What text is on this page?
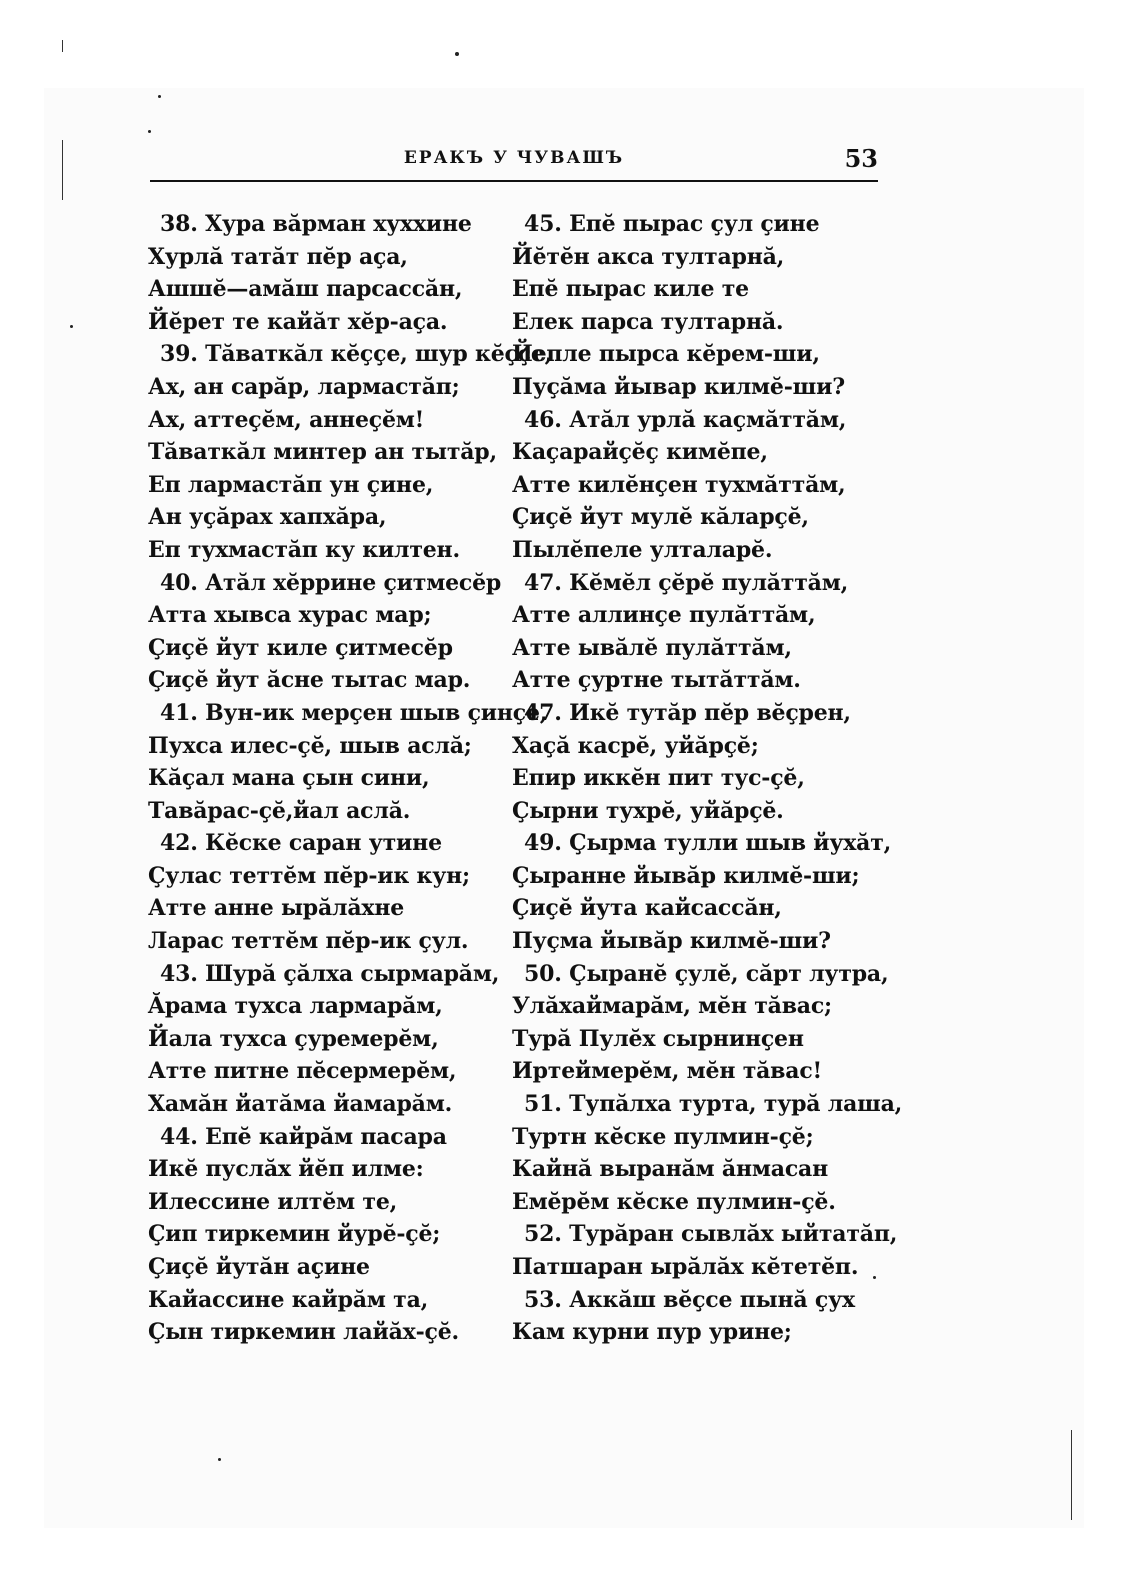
ЕРАКЪ У ЧУВАШЪ	53
38. Хура вăрман хуххине
Хурлă татăт пĕр аҫа,
Ашшĕ—амăш парсассăн,
Йĕрет те кайăт хĕр-аҫа.
39. Тăваткăл кĕҫҫе, шур кĕҫҫе,
Ах, ан сарăр, лармастăп;
Ах, аттеҫĕм, аннеҫĕм!
Тăваткăл минтер ан тытăр,
Еп лармастăп ун ҫине,
Ан уҫăрах хапхăра,
Еп тухмастăп ку килтен.
40. Атăл хĕррине ҫитмесĕр
Атта хывса хурас мар;
Ҫиҫĕ йут киле ҫитмесĕр
Ҫиҫĕ йут ăсне тытас мар.
41. Вун-ик мерҫен шыв ҫинҫе,
Пухса илес-ҫĕ, шыв аслă;
Кăҫал мана ҫын сини,
Тавăрас-ҫĕ,йал аслă.
42. Кĕске саран утине
Ҫулас теттĕм пĕр-ик кун;
Атте анне ырăлăхне
Ларас теттĕм пĕр-ик ҫул.
43. Шурă ҫăлха сырмарăм,
Ăрама тухса лармарăм,
Йала тухса ҫуремерĕм,
Атте питне пĕсермерĕм,
Хамăн йатăма йамарăм.
44. Епĕ кайрăм пасара
Икĕ пуслăх йĕп илме:
Илессине илтĕм те,
Ҫип тиркемин йурĕ-ҫĕ;
Ҫиҫĕ йутăн аҫине
Кайассине кайрăм та,
Ҫын тиркемин лайăх-ҫĕ.
45. Епĕ пырас ҫул ҫине
Йĕтĕн акса тултарнă,
Епĕ пырас киле те
Елек парса тултарнă.
Йепле пырса кĕрем-ши,
Пуҫăма йывар килмĕ-ши?
46. Атăл урлă каҫмăттăм,
Каҫарайҫĕҫ кимĕпе,
Атте килĕнҫен тухмăттăм,
Ҫиҫĕ йут мулĕ кăларҫĕ,
Пылĕпеле улталарĕ.
47. Кĕмĕл ҫĕрĕ пулăттăм,
Атте аллинҫе пулăттăм,
Атте ывăлĕ пулăттăм,
Атте ҫуртне тытăттăм.
47. Икĕ тутăр пĕр вĕҫрен,
Хаҫă касрĕ, уйăрҫĕ;
Епир иккĕн пит тус-ҫĕ,
Ҫырни тухрĕ, уйăрҫĕ.
49. Ҫырма тулли шыв йухăт,
Ҫыранне йывăр килмĕ-ши;
Ҫиҫĕ йута кайсассăн,
Пуҫма йывăр килмĕ-ши?
50. Ҫыранĕ ҫулĕ, сăрт лутра,
Улăхаймарăм, мĕн тăвас;
Турă Пулĕх сырнинҫен
Иртеймерĕм, мĕн тăвас!
51. Тупăлха турта, турă лаша,
Туртн кĕске пулмин-ҫĕ;
Кайнă выранăм ăнмасан
Емĕрĕм кĕске пулмин-ҫĕ.
52. Турăран сывлăх ыйтатăп,
Патшаран ырăлăх кĕтетĕп.
53. Аккăш вĕҫсе пынă ҫух
Кам курни пур урине;
